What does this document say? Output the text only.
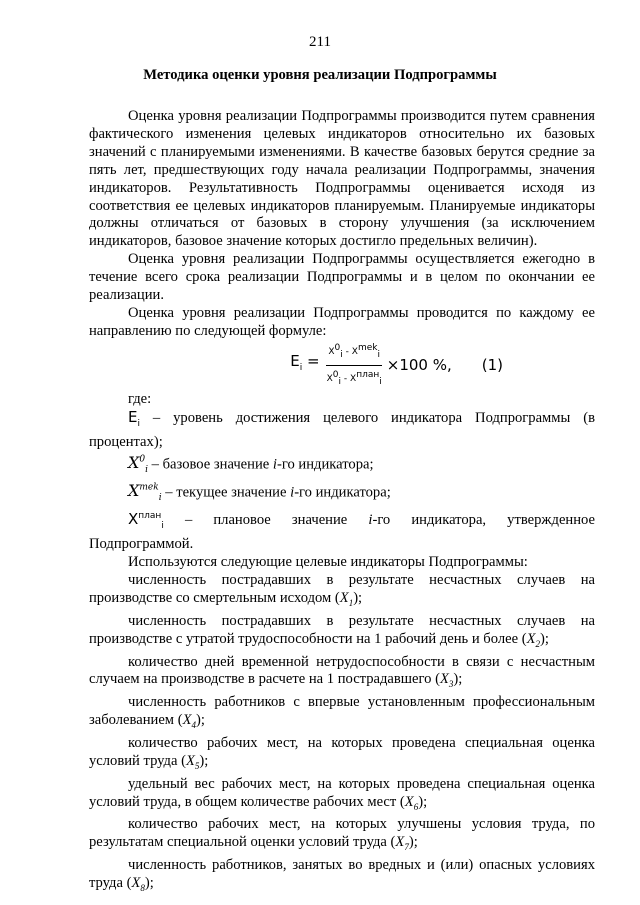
211
Методика оценки уровня реализации Подпрограммы

Оценка уровня реализации Подпрограммы производится путем сравнения фактического изменения целевых индикаторов относительно их базовых значений с планируемыми изменениями. В качестве базовых берутся средние за пять лет, предшествующих году начала реализации Подпрограммы, значения индикаторов. Результативность Подпрограммы оценивается исходя из соответствия ее целевых индикаторов планируемым. Планируемые индикаторы должны отличаться от базовых в сторону улучшения (за исключением индикаторов, базовое значение которых достигло предельных величин).

Оценка уровня реализации Подпрограммы осуществляется ежегодно в течение всего срока реализации Подпрограммы и в целом по окончании ее реализации.

Оценка уровня реализации Подпрограммы проводится по каждому ее направлению по следующей формуле:

$E_i = \frac{X^0_i - X^{mek}_i}{X^0_i - X^{план}_i} \times 100$ %, (1)

где:

$E_i$ – уровень достижения целевого индикатора Подпрограммы (в процентах);

$X^0_i$ – базовое значение i-го индикатора;

$X^{mek}_i$ – текущее значение i-го индикатора;

$X^{план}_i$ – плановое значение i-го индикатора, утвержденное Подпрограммой.

Используются следующие целевые индикаторы Подпрограммы:

численность пострадавших в результате несчастных случаев на производстве со смертельным исходом $(X_1)$;

численность пострадавших в результате несчастных случаев на производстве с утратой трудоспособности на 1 рабочий день и более $(X_2)$;

количество дней временной нетрудоспособности в связи с несчастным случаем на производстве в расчете на 1 пострадавшего $(X_3)$;

численность работников с впервые установленным профессиональным заболеванием $(X_4)$;

количество рабочих мест, на которых проведена специальная оценка условий труда $(X_5)$;

удельный вес рабочих мест, на которых проведена специальная оценка условий труда, в общем количестве рабочих мест $(X_6)$;

количество рабочих мест, на которых улучшены условия труда, по результатам специальной оценки условий труда $(X_7)$;

численность работников, занятых во вредных и (или) опасных условиях труда $(X_8)$;
